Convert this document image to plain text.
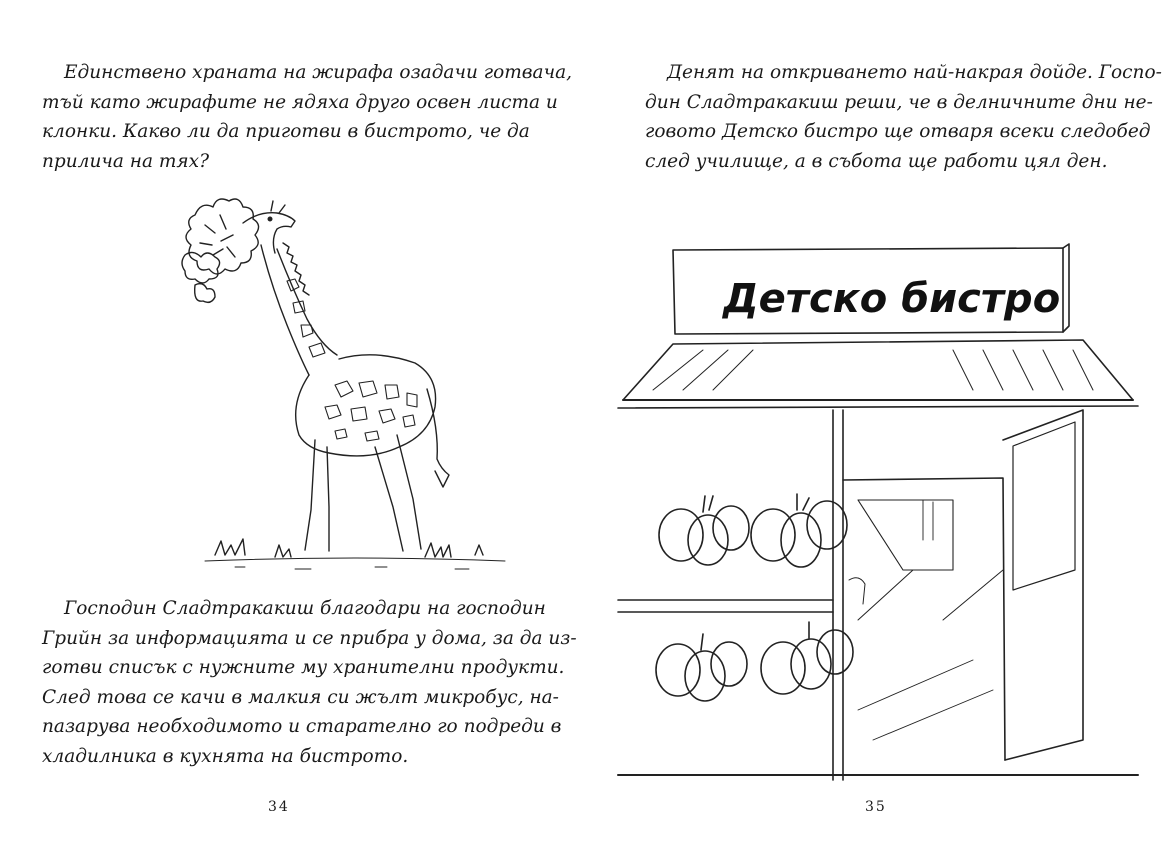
Единствено храната на жирафа озадачи готвача,
тъй като жирафите не ядяха друго освен листа и
клонки. Какво ли да приготви в бистрото, че да
прилича на тях?
Господин Сладтракакиш благодари на господин
Грийн за информацията и се прибра у дома, за да из-
готви списък с нужните му хранителни продукти.
След това се качи в малкия си жълт микробус, на-
пазарува необходимото и старателно го подреди в
хладилника в кухнята на бистрото.
34
Денят на откриването най-накрая дойде. Госпо-
дин Сладтракакиш реши, че в делничните дни не-
говото Детско бистро ще отваря всеки следобед
след училище, а в събота ще работи цял ден.
Детско бистро
35
